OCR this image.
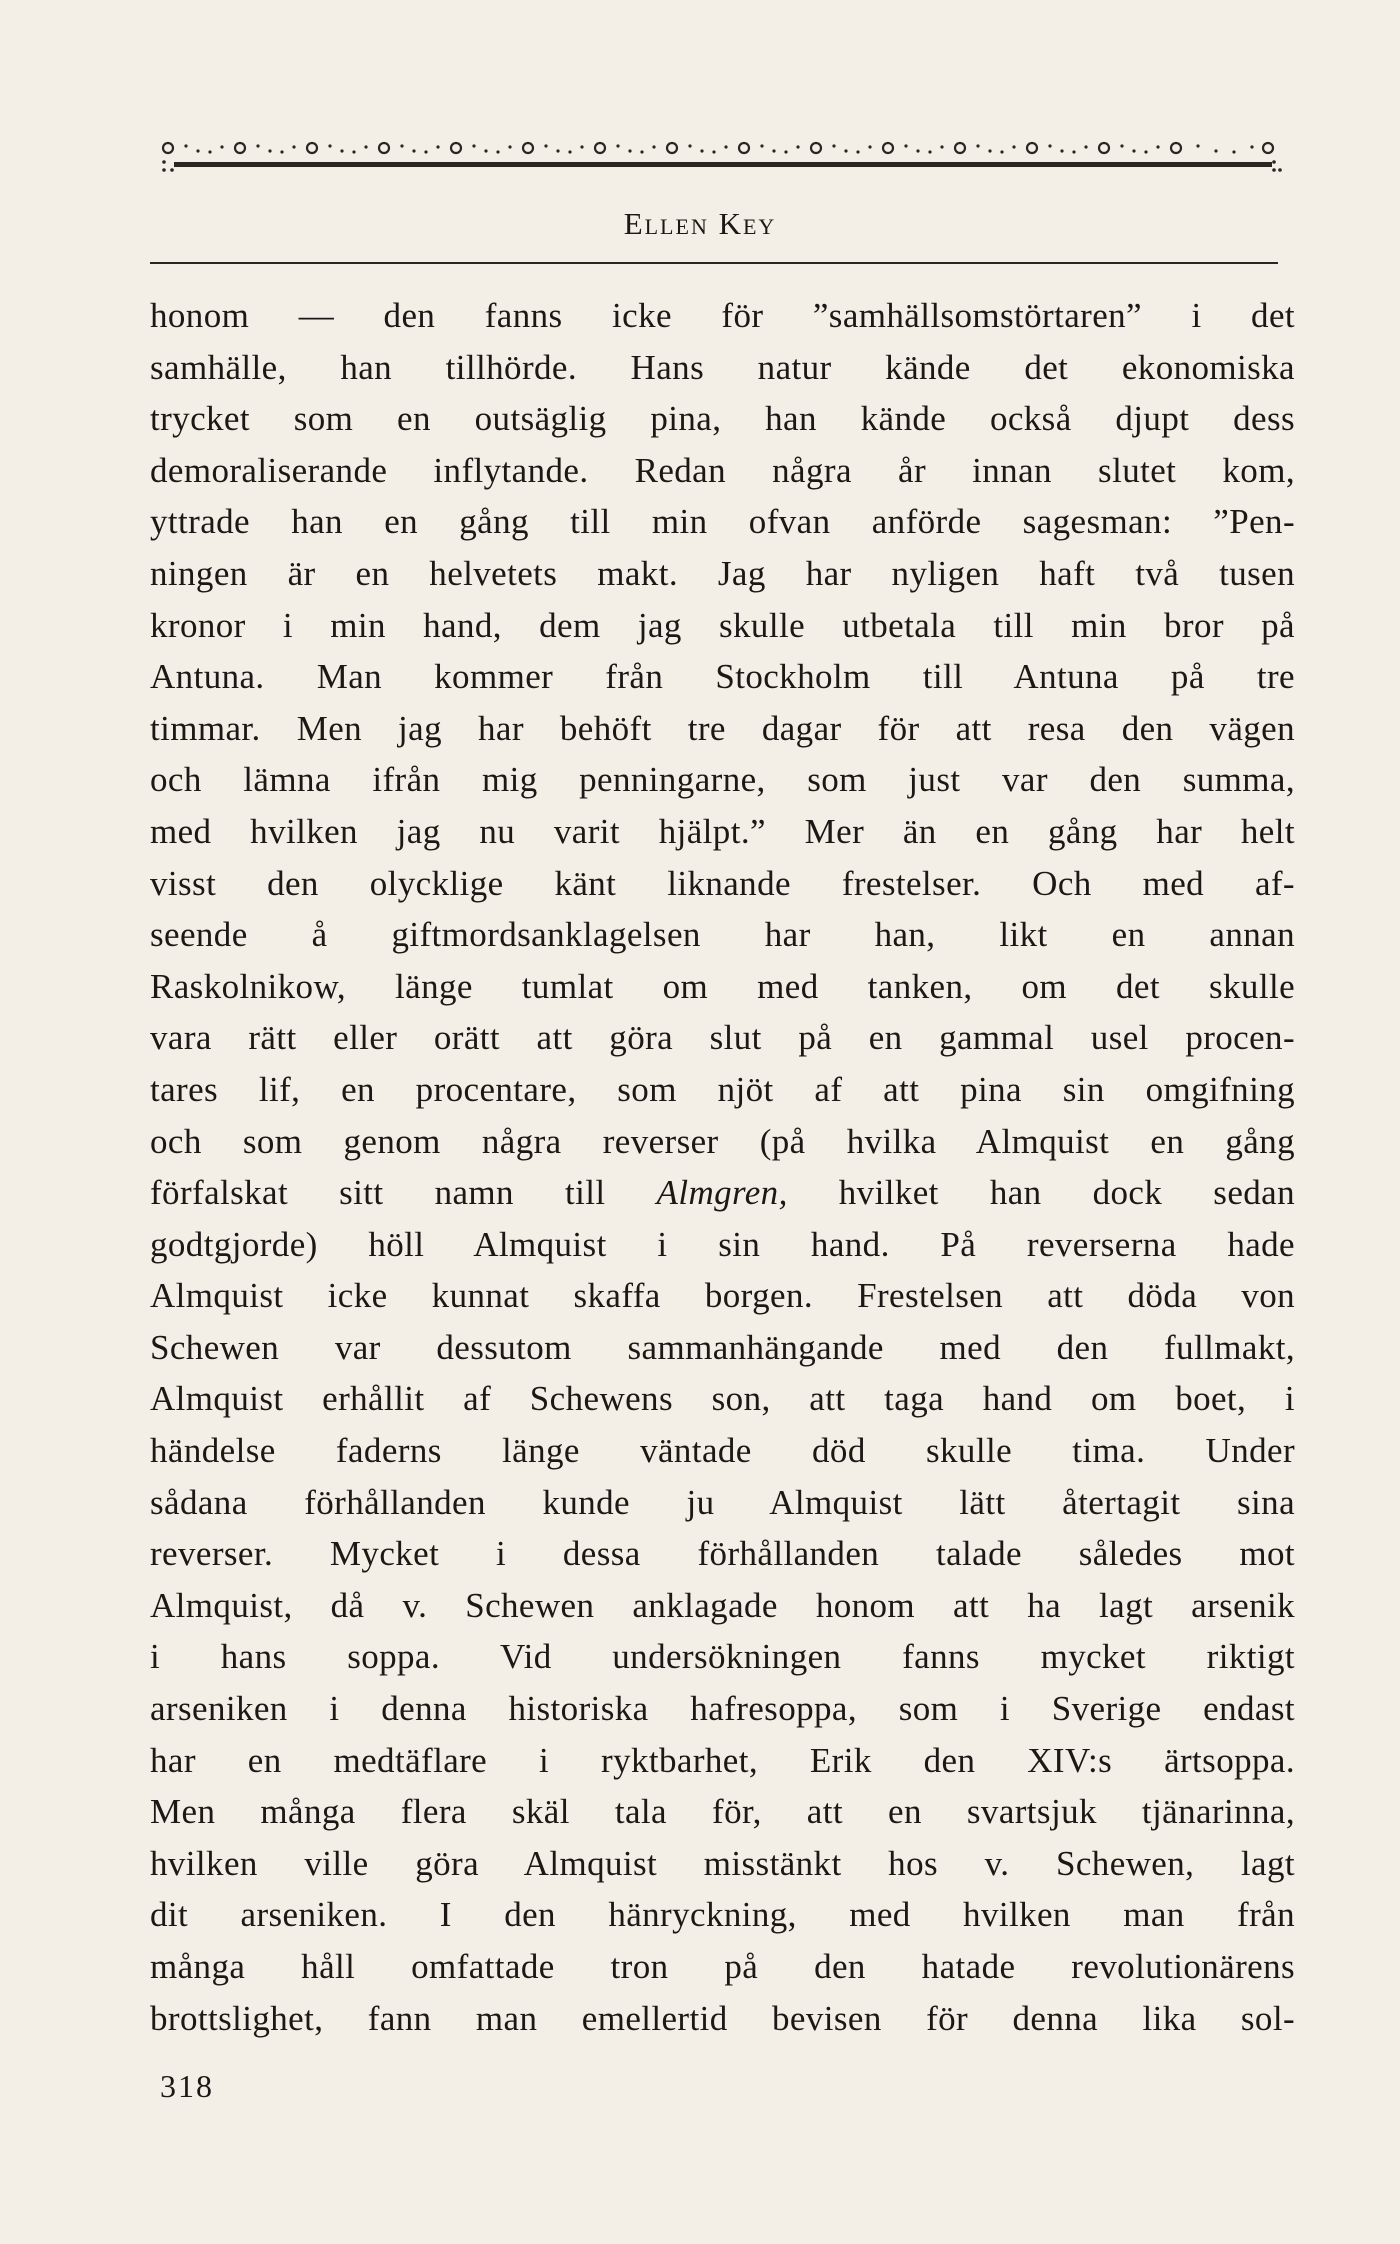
Ellen Key
honom — den fanns icke för ”samhällsomstörtaren” i det
samhälle, han tillhörde. Hans natur kände det ekonomiska
trycket som en outsäglig pina, han kände också djupt dess
demoraliserande inflytande. Redan några år innan slutet kom,
yttrade han en gång till min ofvan anförde sagesman: ”Pen-
ningen är en helvetets makt. Jag har nyligen haft två tusen
kronor i min hand, dem jag skulle utbetala till min bror på
Antuna. Man kommer från Stockholm till Antuna på tre
timmar. Men jag har behöft tre dagar för att resa den vägen
och lämna ifrån mig penningarne, som just var den summa,
med hvilken jag nu varit hjälpt.” Mer än en gång har helt
visst den olycklige känt liknande frestelser. Och med af-
seende å giftmordsanklagelsen har han, likt en annan
Raskolnikow, länge tumlat om med tanken, om det skulle
vara rätt eller orätt att göra slut på en gammal usel procen-
tares lif, en procentare, som njöt af att pina sin omgifning
och som genom några reverser (på hvilka Almquist en gång
förfalskat sitt namn till Almgren, hvilket han dock sedan
godtgjorde) höll Almquist i sin hand. På reverserna hade
Almquist icke kunnat skaffa borgen. Frestelsen att döda von
Schewen var dessutom sammanhängande med den fullmakt,
Almquist erhållit af Schewens son, att taga hand om boet, i
händelse faderns länge väntade död skulle tima. Under
sådana förhållanden kunde ju Almquist lätt återtagit sina
reverser. Mycket i dessa förhållanden talade således mot
Almquist, då v. Schewen anklagade honom att ha lagt arsenik
i hans soppa. Vid undersökningen fanns mycket riktigt
arseniken i denna historiska hafresoppa, som i Sverige endast
har en medtäflare i ryktbarhet, Erik den XIV:s ärtsoppa.
Men många flera skäl tala för, att en svartsjuk tjänarinna,
hvilken ville göra Almquist misstänkt hos v. Schewen, lagt
dit arseniken. I den hänryckning, med hvilken man från
många håll omfattade tron på den hatade revolutionärens
brottslighet, fann man emellertid bevisen för denna lika sol-
318
